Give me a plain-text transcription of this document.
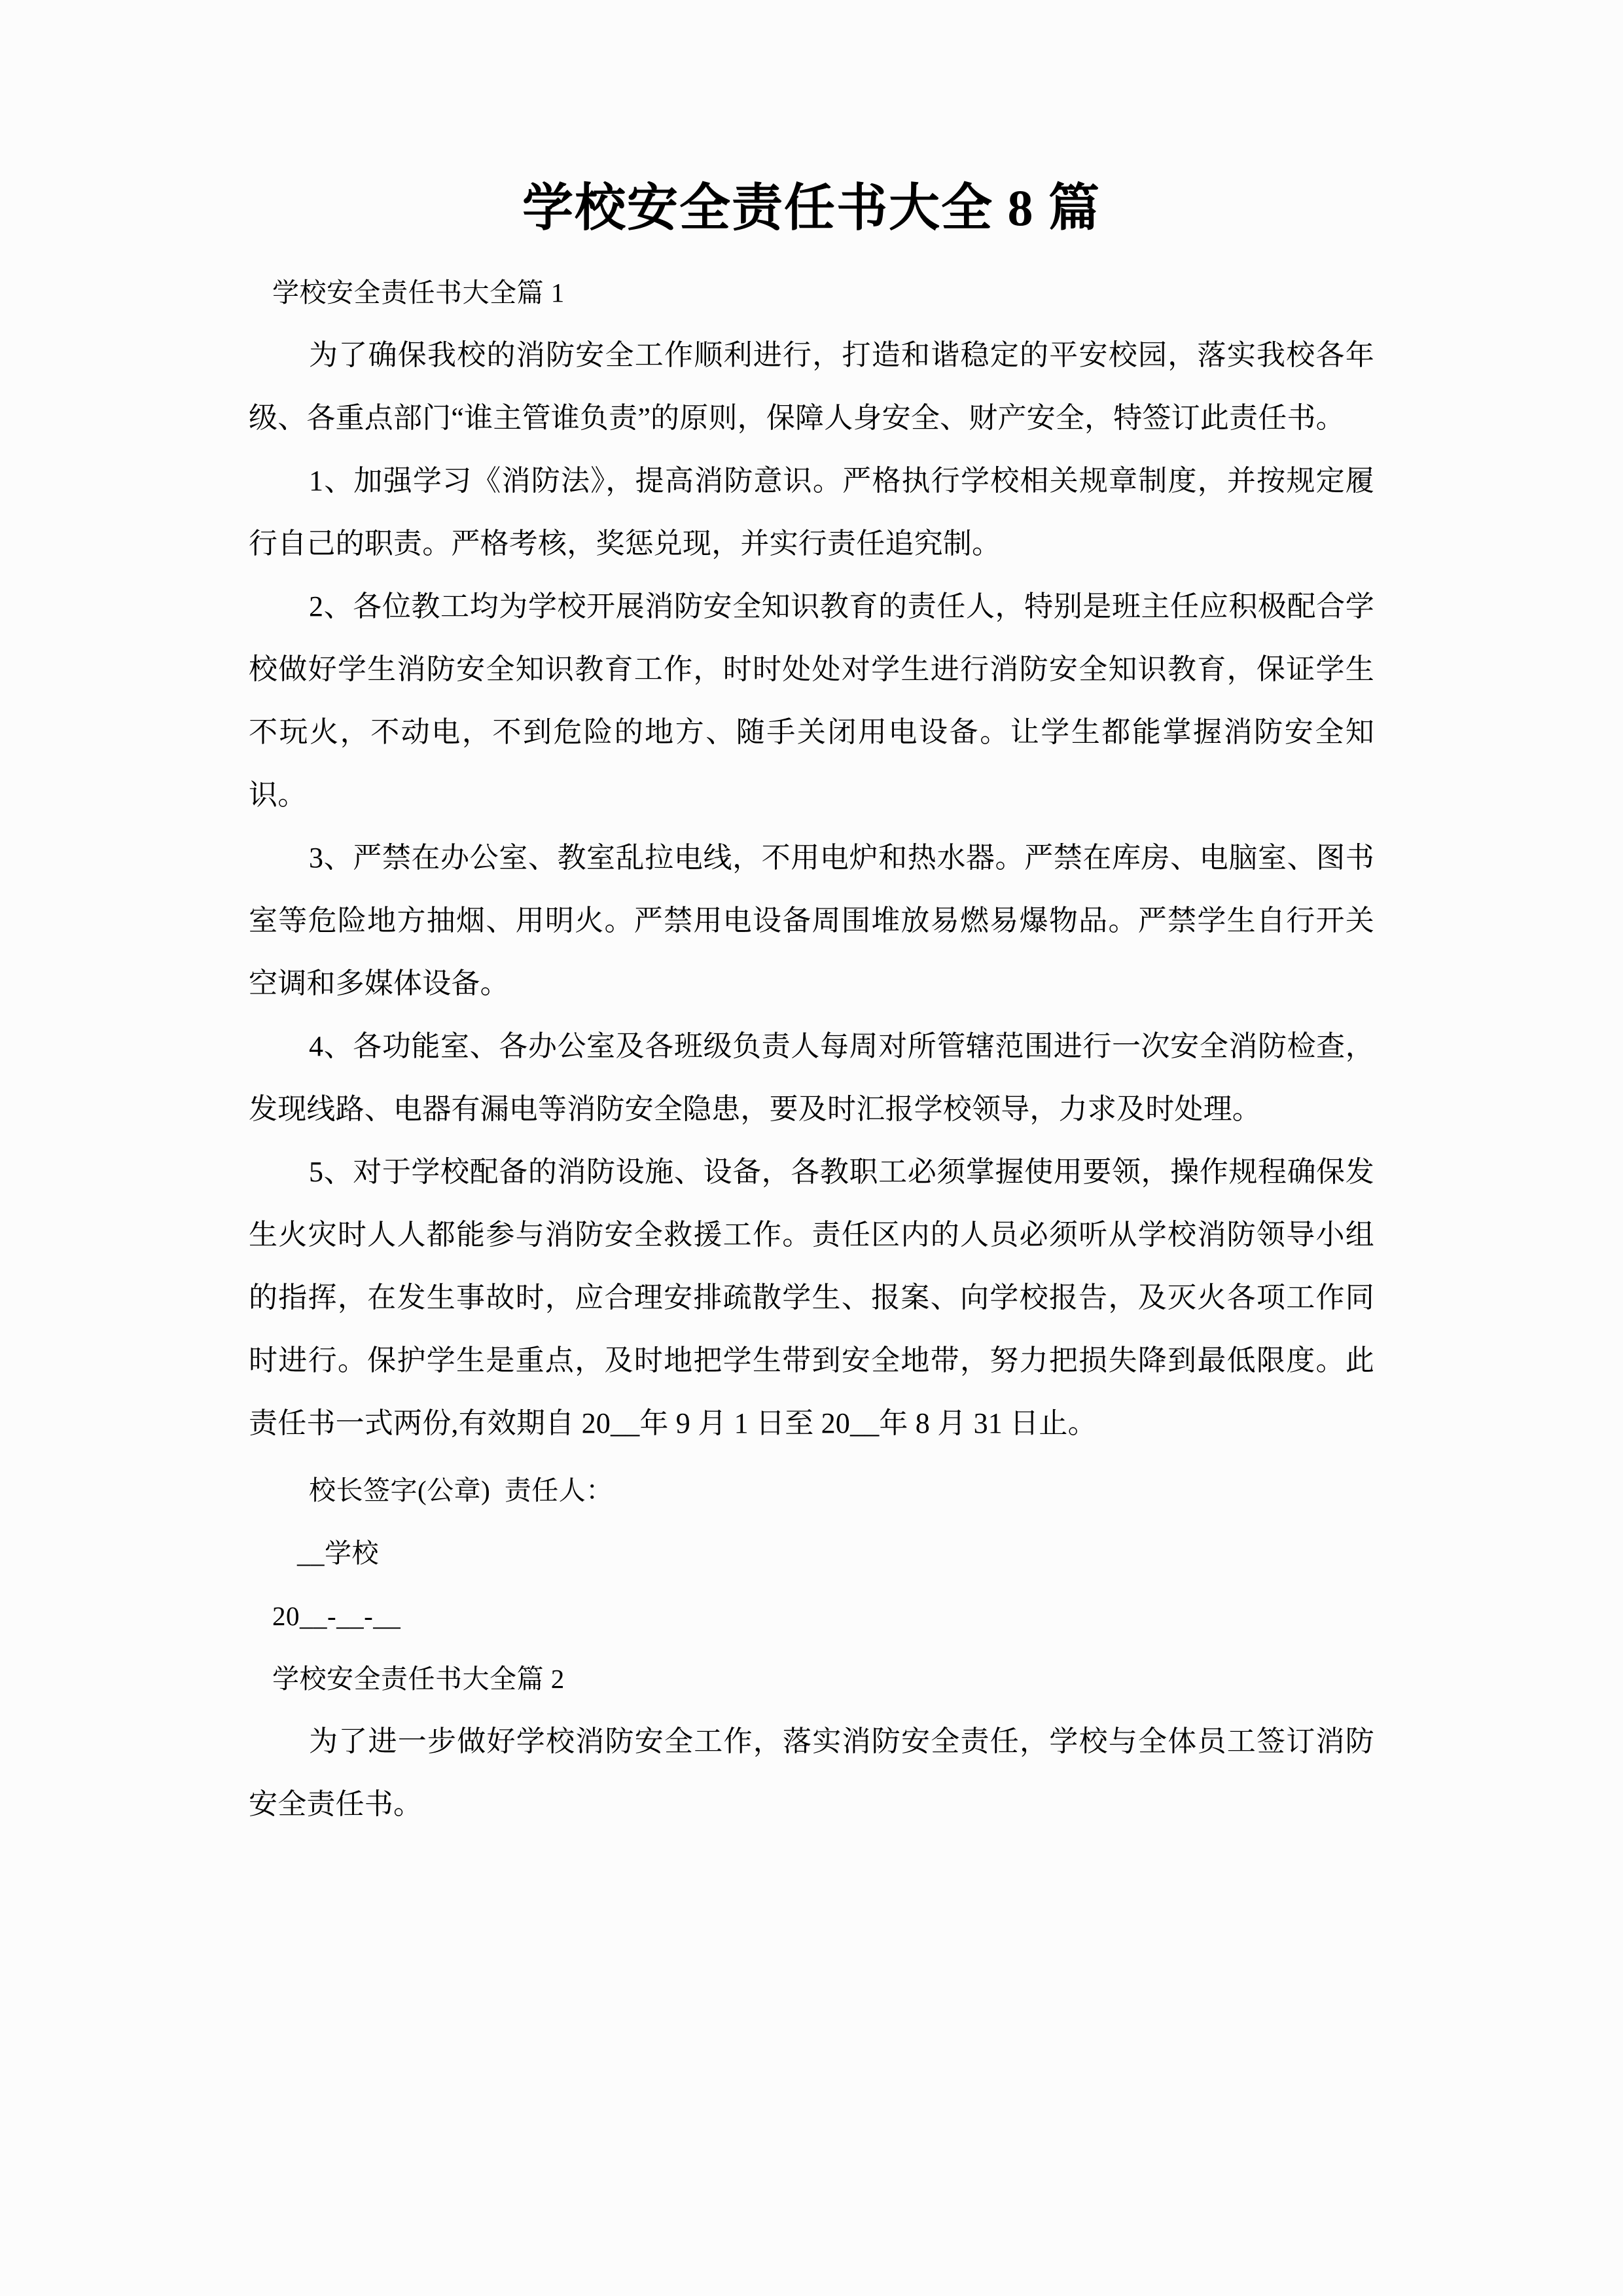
学校安全责任书大全 8 篇

学校安全责任书大全篇 1

为了确保我校的消防安全工作顺利进行，打造和谐稳定的平安校园，落实我校各年级、各重点部门“谁主管谁负责”的原则，保障人身安全、财产安全，特签订此责任书。

1、加强学习《消防法》，提高消防意识。严格执行学校相关规章制度，并按规定履行自己的职责。严格考核，奖惩兑现，并实行责任追究制。

2、各位教工均为学校开展消防安全知识教育的责任人，特别是班主任应积极配合学校做好学生消防安全知识教育工作，时时处处对学生进行消防安全知识教育，保证学生不玩火，不动电，不到危险的地方、随手关闭用电设备。让学生都能掌握消防安全知识。

3、严禁在办公室、教室乱拉电线，不用电炉和热水器。严禁在库房、电脑室、图书室等危险地方抽烟、用明火。严禁用电设备周围堆放易燃易爆物品。严禁学生自行开关空调和多媒体设备。

4、各功能室、各办公室及各班级负责人每周对所管辖范围进行一次安全消防检查，发现线路、电器有漏电等消防安全隐患，要及时汇报学校领导，力求及时处理。

5、对于学校配备的消防设施、设备，各教职工必须掌握使用要领，操作规程确保发生火灾时人人都能参与消防安全救援工作。责任区内的人员必须听从学校消防领导小组的指挥，在发生事故时，应合理安排疏散学生、报案、向学校报告，及灭火各项工作同时进行。保护学生是重点，及时地把学生带到安全地带，努力把损失降到最低限度。此责任书一式两份,有效期自 20__年 9 月 1 日至 20__年 8 月 31 日止。

校长签字(公章)  责任人：

__学校

20__-__-__

学校安全责任书大全篇 2

为了进一步做好学校消防安全工作，落实消防安全责任，学校与全体员工签订消防安全责任书。
